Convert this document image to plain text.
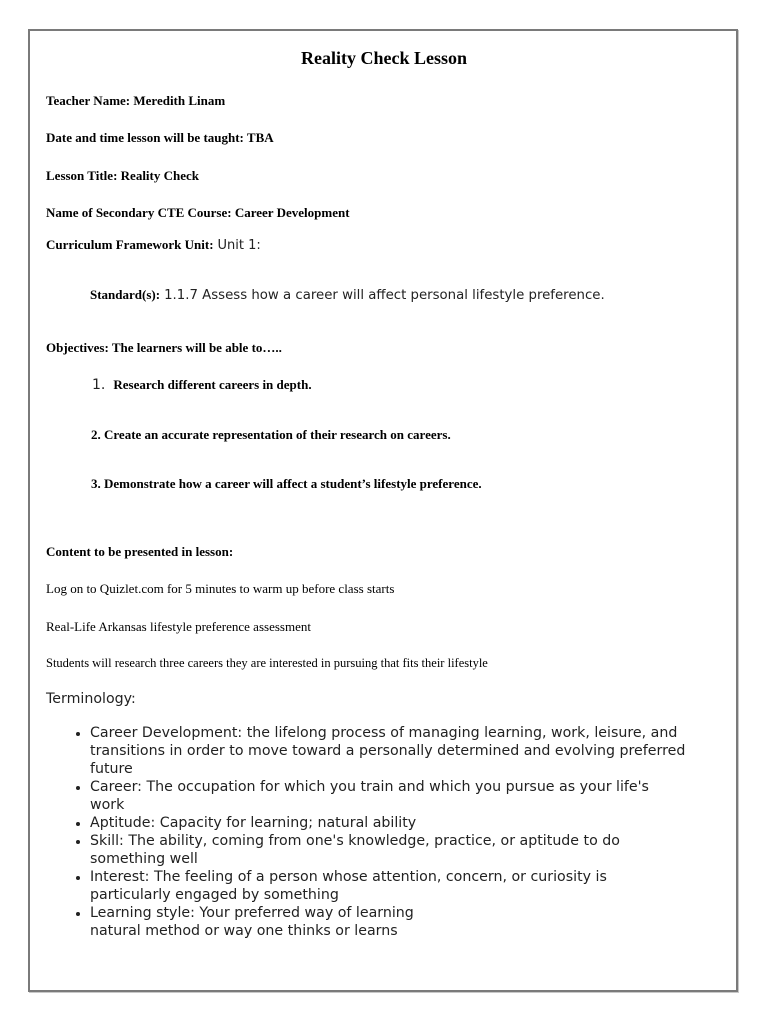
Reality Check Lesson
Teacher Name: Meredith Linam
Date and time lesson will be taught: TBA
Lesson Title: Reality Check
Name of Secondary CTE Course: Career Development
Curriculum Framework Unit: Unit 1:
Standard(s): 1.1.7 Assess how a career will affect personal lifestyle preference.
Objectives: The learners will be able to…..
1. Research different careers in depth.
2. Create an accurate representation of their research on careers.
3. Demonstrate how a career will affect a student’s lifestyle preference.
Content to be presented in lesson:
Log on to Quizlet.com for 5 minutes to warm up before class starts
Real-Life Arkansas lifestyle preference assessment
Students will research three careers they are interested in pursuing that fits their lifestyle
Terminology:
• Career Development: the lifelong process of managing learning, work, leisure, and
transitions in order to move toward a personally determined and evolving preferred
future
• Career: The occupation for which you train and which you pursue as your life's
work
• Aptitude: Capacity for learning; natural ability
• Skill: The ability, coming from one's knowledge, practice, or aptitude to do
something well
• Interest: The feeling of a person whose attention, concern, or curiosity is
particularly engaged by something
• Learning style: Your preferred way of learning
natural method or way one thinks or learns
